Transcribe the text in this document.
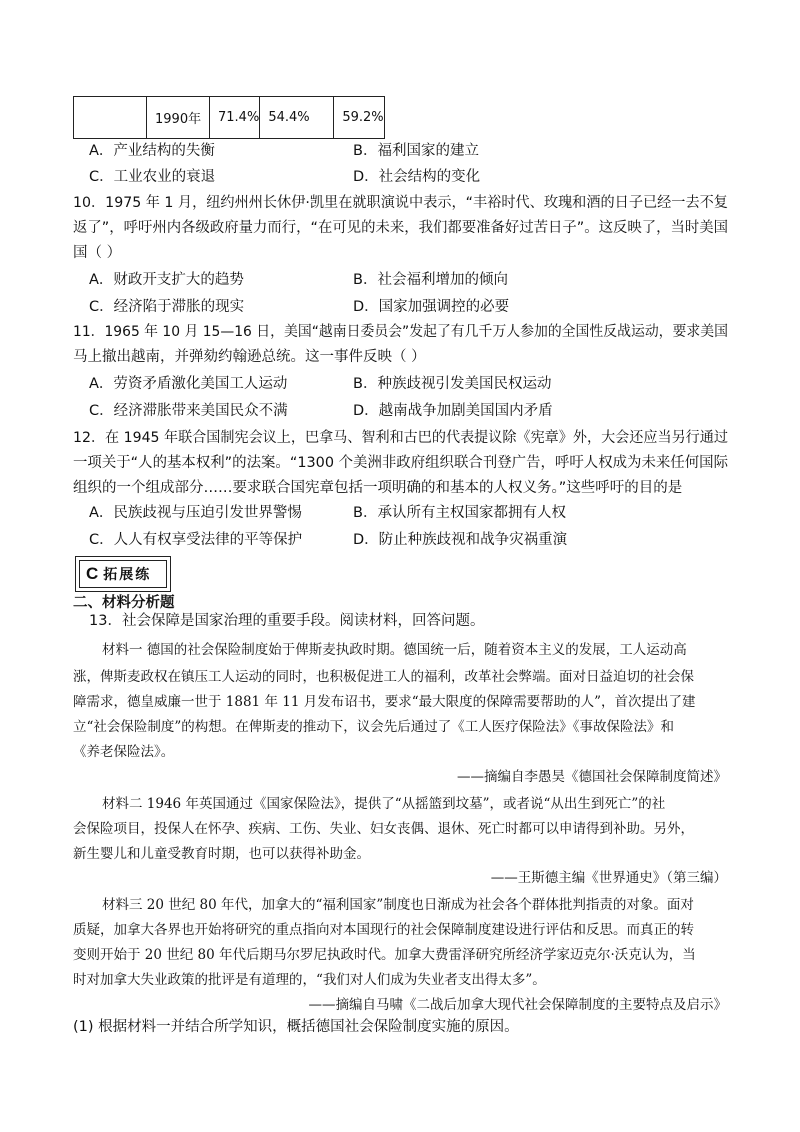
	1990年	71.4%	54.4%	59.2%
A．产业结构的失衡	B．福利国家的建立
C．工业农业的衰退	D．社会结构的变化
10．1975 年 1 月，纽约州州长休伊·凯里在就职演说中表示，“丰裕时代、玫瑰和酒的日子已经一去不复
返了”，呼吁州内各级政府量力而行，“在可见的未来，我们都要准备好过苦日子”。这反映了，当时美国
国（ ）
A．财政开支扩大的趋势	B．社会福利增加的倾向
C．经济陷于滞胀的现实	D．国家加强调控的必要
11．1965 年 10 月 15—16 日，美国“越南日委员会”发起了有几千万人参加的全国性反战运动，要求美国
马上撤出越南，并弹劾约翰逊总统。这一事件反映（ ）
A．劳资矛盾激化美国工人运动	B．种族歧视引发美国民权运动
C．经济滞胀带来美国民众不满	D．越南战争加剧美国国内矛盾
12．在 1945 年联合国制宪会议上，巴拿马、智利和古巴的代表提议除《宪章》外，大会还应当另行通过
一项关于“人的基本权利”的法案。“1300 个美洲非政府组织联合刊登广告，呼吁人权成为未来任何国际
组织的一个组成部分……要求联合国宪章包括一项明确的和基本的人权义务。”这些呼吁的目的是
A．民族歧视与压迫引发世界警惕	B．承认所有主权国家都拥有人权
C．人人有权享受法律的平等保护	D．防止种族歧视和战争灾祸重演
C 拓展练
二、材料分析题
13．社会保障是国家治理的重要手段。阅读材料，回答问题。
材料一 德国的社会保险制度始于俾斯麦执政时期。德国统一后，随着资本主义的发展，工人运动高
涨，俾斯麦政权在镇压工人运动的同时，也积极促进工人的福利，改革社会弊端。面对日益迫切的社会保
障需求，德皇威廉一世于 1881 年 11 月发布诏书，要求“最大限度的保障需要帮助的人”，首次提出了建
立“社会保险制度”的构想。在俾斯麦的推动下，议会先后通过了《工人医疗保险法》《事故保险法》和
《养老保险法》。
——摘编自李愚昊《德国社会保障制度简述》
材料二 1946 年英国通过《国家保险法》，提供了“从摇篮到坟墓”，或者说“从出生到死亡”的社
会保险项目，投保人在怀孕、疾病、工伤、失业、妇女丧偶、退休、死亡时都可以申请得到补助。另外，
新生婴儿和儿童受教育时期，也可以获得补助金。
——王斯德主编《世界通史》（第三编）
材料三 20 世纪 80 年代，加拿大的“福利国家”制度也日渐成为社会各个群体批判指责的对象。面对
质疑，加拿大各界也开始将研究的重点指向对本国现行的社会保障制度建设进行评估和反思。而真正的转
变则开始于 20 世纪 80 年代后期马尔罗尼执政时代。加拿大费雷泽研究所经济学家迈克尔·沃克认为，当
时对加拿大失业政策的批评是有道理的，“我们对人们成为失业者支出得太多”。
——摘编自马啸《二战后加拿大现代社会保障制度的主要特点及启示》
(1) 根据材料一并结合所学知识，概括德国社会保险制度实施的原因。
